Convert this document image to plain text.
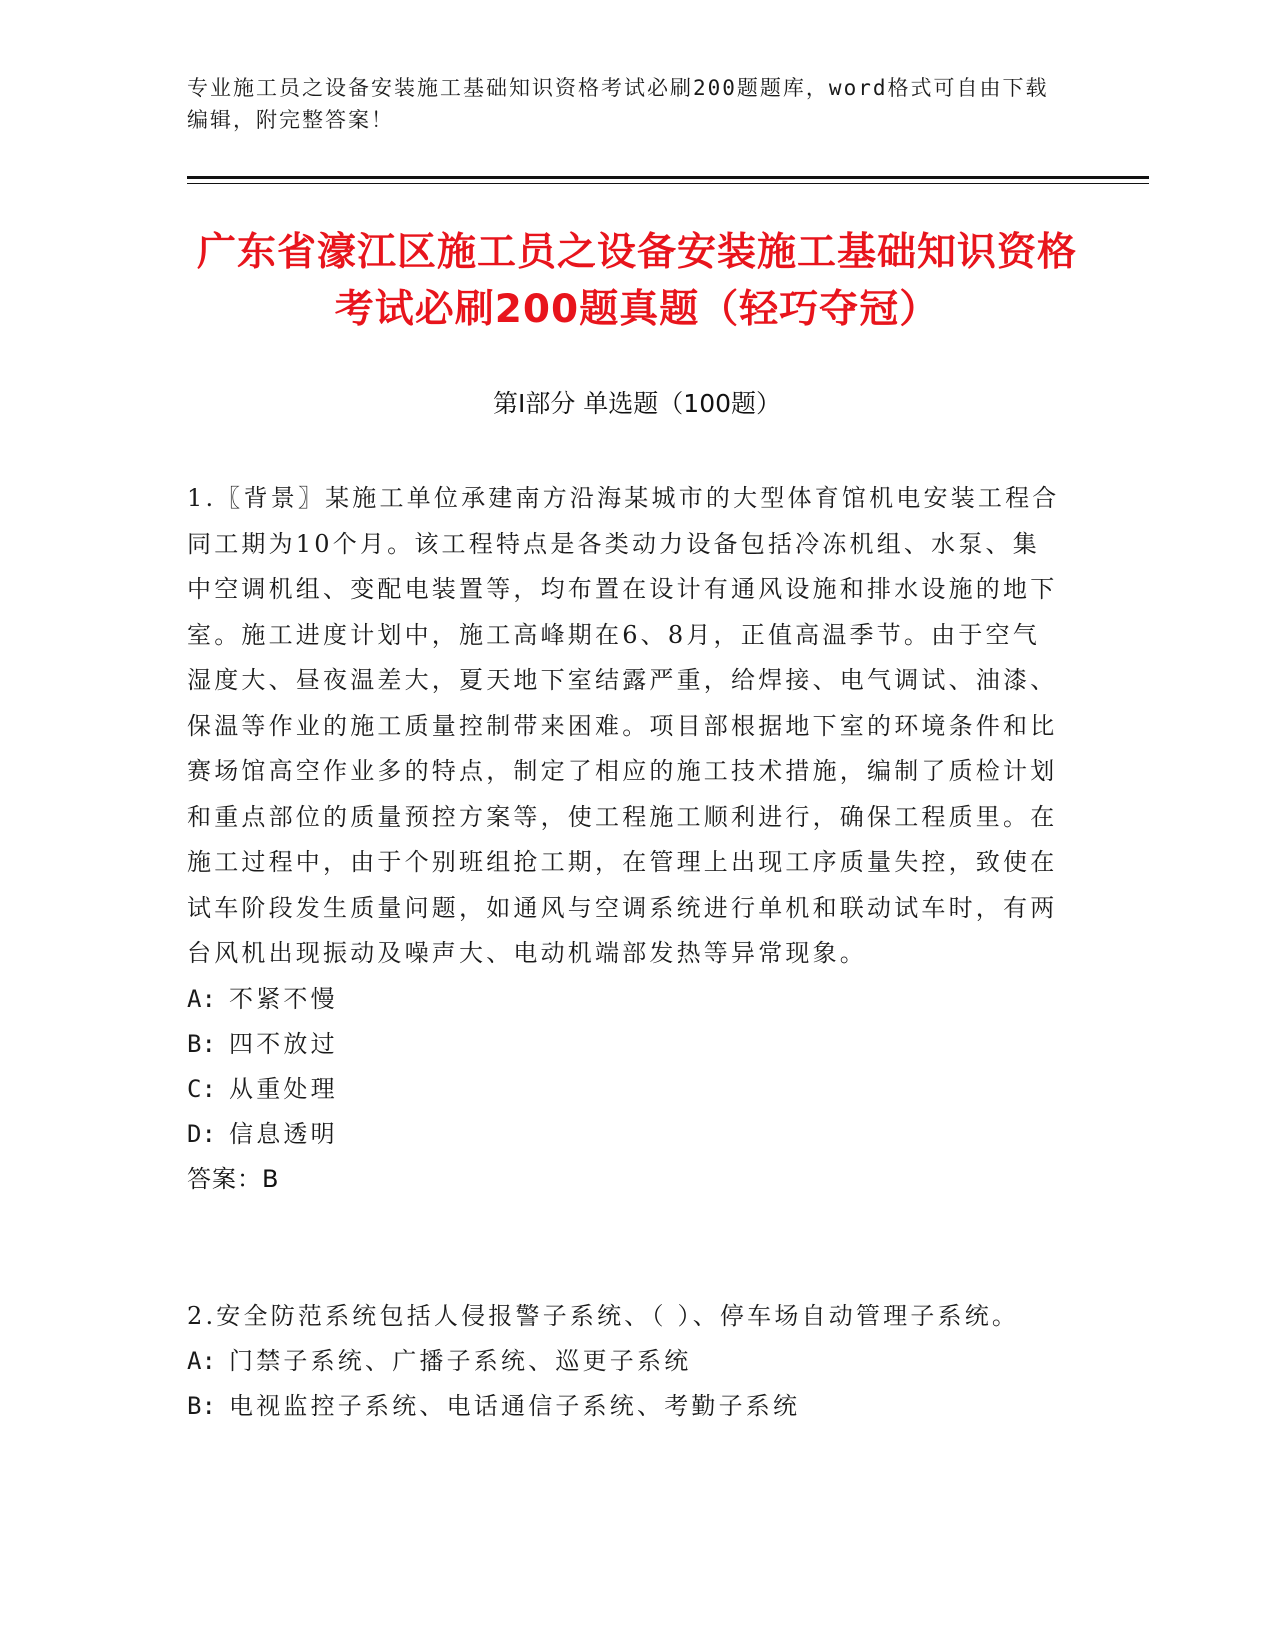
专业施工员之设备安装施工基础知识资格考试必刷200题题库，word格式可自由下载编辑，附完整答案！
广东省濠江区施工员之设备安装施工基础知识资格考试必刷200题真题（轻巧夺冠）
第Ⅰ部分 单选题（100题）
1.〖背景〗某施工单位承建南方沿海某城市的大型体育馆机电安装工程合同工期为10个月。该工程特点是各类动力设备包括冷冻机组、水泵、集中空调机组、变配电装置等，均布置在设计有通风设施和排水设施的地下室。施工进度计划中，施工高峰期在6、8月，正值高温季节。由于空气湿度大、昼夜温差大，夏天地下室结露严重，给焊接、电气调试、油漆、保温等作业的施工质量控制带来困难。项目部根据地下室的环境条件和比赛场馆高空作业多的特点，制定了相应的施工技术措施，编制了质检计划和重点部位的质量预控方案等，使工程施工顺利进行，确保工程质里。在施工过程中，由于个别班组抢工期，在管理上出现工序质量失控，致使在试车阶段发生质量问题，如通风与空调系统进行单机和联动试车时，有两台风机出现振动及噪声大、电动机端部发热等异常现象。
A: 不紧不慢
B: 四不放过
C: 从重处理
D: 信息透明
答案：B
2.安全防范系统包括人侵报警子系统、（ ）、停车场自动管理子系统。
A: 门禁子系统、广播子系统、巡更子系统
B: 电视监控子系统、电话通信子系统、考勤子系统
